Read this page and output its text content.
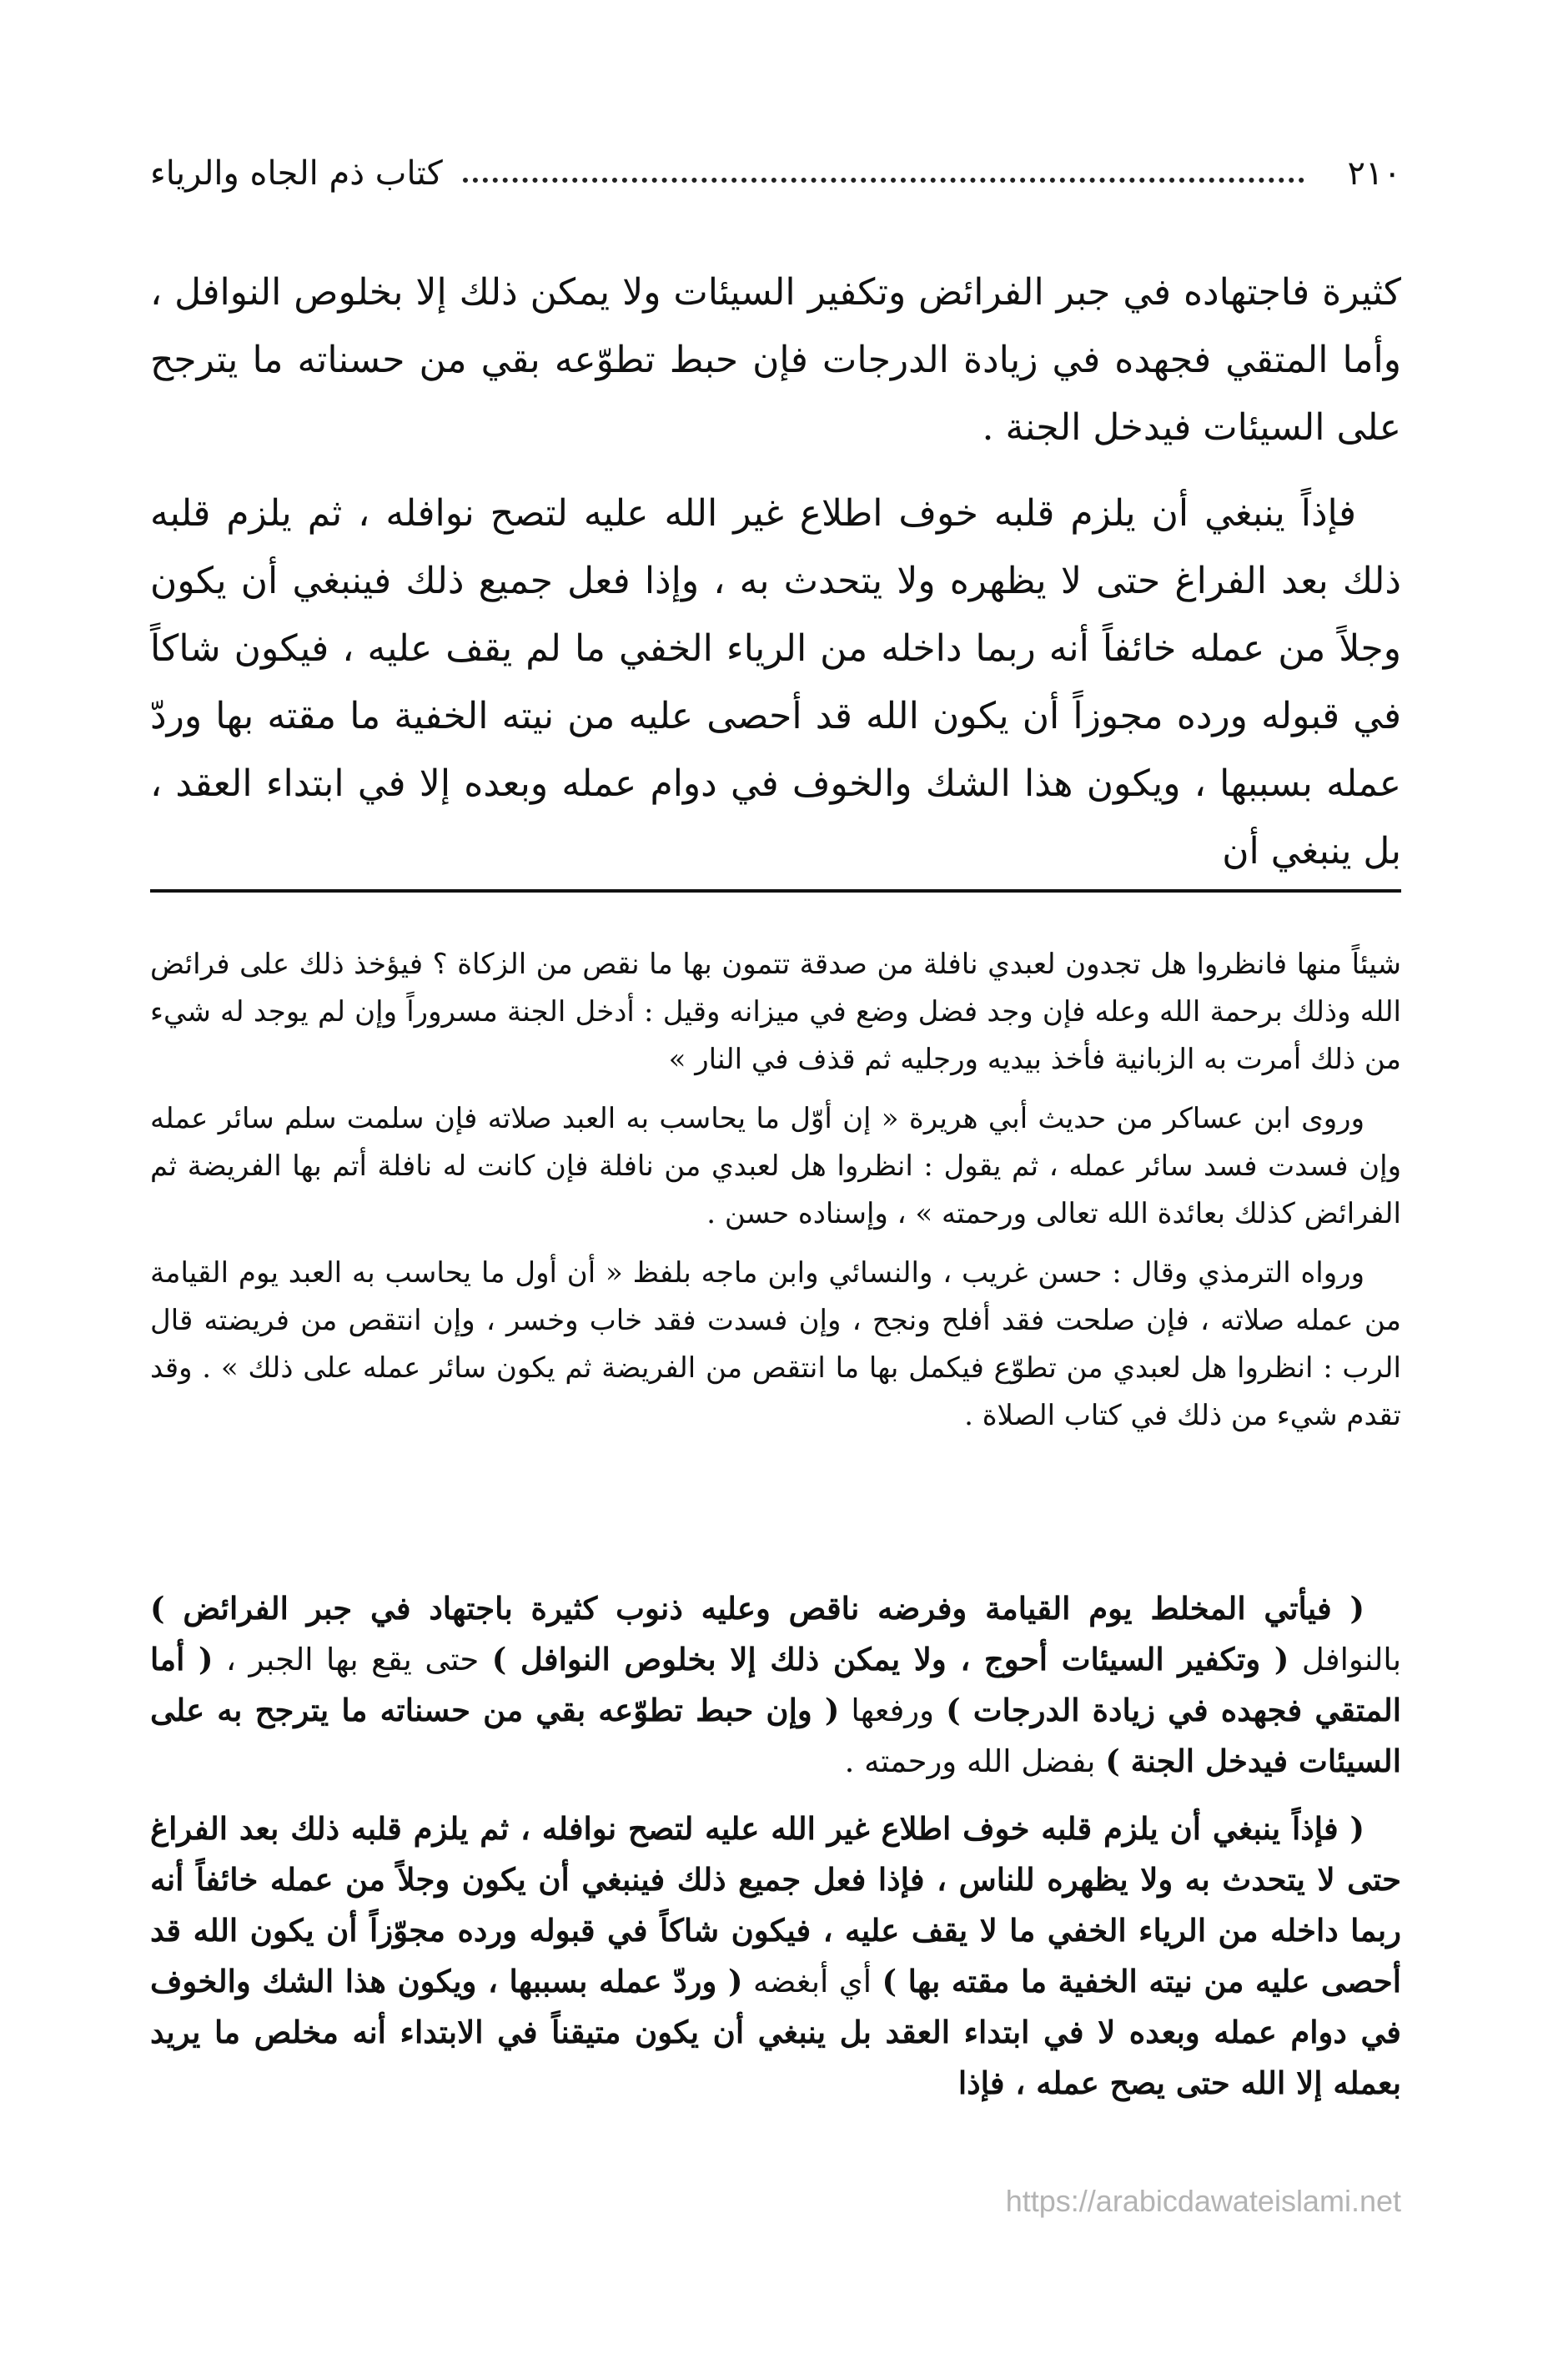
٢١٠
كتاب ذم الجاه والرياء

كثيرة فاجتهاده في جبر الفرائض وتكفير السيئات ولا يمكن ذلك إلا بخلوص النوافل ، وأما المتقي فجهده في زيادة الدرجات فإن حبط تطوّعه بقي من حسناته ما يترجح على السيئات فيدخل الجنة .

فإذاً ينبغي أن يلزم قلبه خوف اطلاع غير الله عليه لتصح نوافله ، ثم يلزم قلبه ذلك بعد الفراغ حتى لا يظهره ولا يتحدث به ، وإذا فعل جميع ذلك فينبغي أن يكون وجلاً من عمله خائفاً أنه ربما داخله من الرياء الخفي ما لم يقف عليه ، فيكون شاكاً في قبوله ورده مجوزاً أن يكون الله قد أحصى عليه من نيته الخفية ما مقته بها وردّ عمله بسببها ، ويكون هذا الشك والخوف في دوام عمله وبعده إلا في ابتداء العقد ، بل ينبغي أن

شيئاً منها فانظروا هل تجدون لعبدي نافلة من صدقة تتمون بها ما نقص من الزكاة ؟ فيؤخذ ذلك على فرائض الله وذلك برحمة الله وعله فإن وجد فضل وضع في ميزانه وقيل : أدخل الجنة مسروراً وإن لم يوجد له شيء من ذلك أمرت به الزبانية فأخذ بيديه ورجليه ثم قذف في النار »

وروى ابن عساكر من حديث أبي هريرة « إن أوّل ما يحاسب به العبد صلاته فإن سلمت سلم سائر عمله وإن فسدت فسد سائر عمله ، ثم يقول : انظروا هل لعبدي من نافلة فإن كانت له نافلة أتم بها الفريضة ثم الفرائض كذلك بعائدة الله تعالى ورحمته » ، وإسناده حسن .

ورواه الترمذي وقال : حسن غريب ، والنسائي وابن ماجه بلفظ « أن أول ما يحاسب به العبد يوم القيامة من عمله صلاته ، فإن صلحت فقد أفلح ونجح ، وإن فسدت فقد خاب وخسر ، وإن انتقص من فريضته قال الرب : انظروا هل لعبدي من تطوّع فيكمل بها ما انتقص من الفريضة ثم يكون سائر عمله على ذلك » . وقد تقدم شيء من ذلك في كتاب الصلاة .

( فيأتي المخلط يوم القيامة وفرضه ناقص وعليه ذنوب كثيرة باجتهاد في جبر الفرائض ) بالنوافل ( وتكفير السيئات أحوج ، ولا يمكن ذلك إلا بخلوص النوافل ) حتى يقع بها الجبر ، ( أما المتقي فجهده في زيادة الدرجات ) ورفعها ( وإن حبط تطوّعه بقي من حسناته ما يترجح به على السيئات فيدخل الجنة ) بفضل الله ورحمته .

( فإذاً ينبغي أن يلزم قلبه خوف اطلاع غير الله عليه لتصح نوافله ، ثم يلزم قلبه ذلك بعد الفراغ حتى لا يتحدث به ولا يظهره للناس ، فإذا فعل جميع ذلك فينبغي أن يكون وجلاً من عمله خائفاً أنه ربما داخله من الرياء الخفي ما لا يقف عليه ، فيكون شاكاً في قبوله ورده مجوّزاً أن يكون الله قد أحصى عليه من نيته الخفية ما مقته بها ) أي أبغضه ( وردّ عمله بسببها ، ويكون هذا الشك والخوف في دوام عمله وبعده لا في ابتداء العقد بل ينبغي أن يكون متيقناً في الابتداء أنه مخلص ما يريد بعمله إلا الله حتى يصح عمله ، فإذا

https://arabicdawateislami.net
